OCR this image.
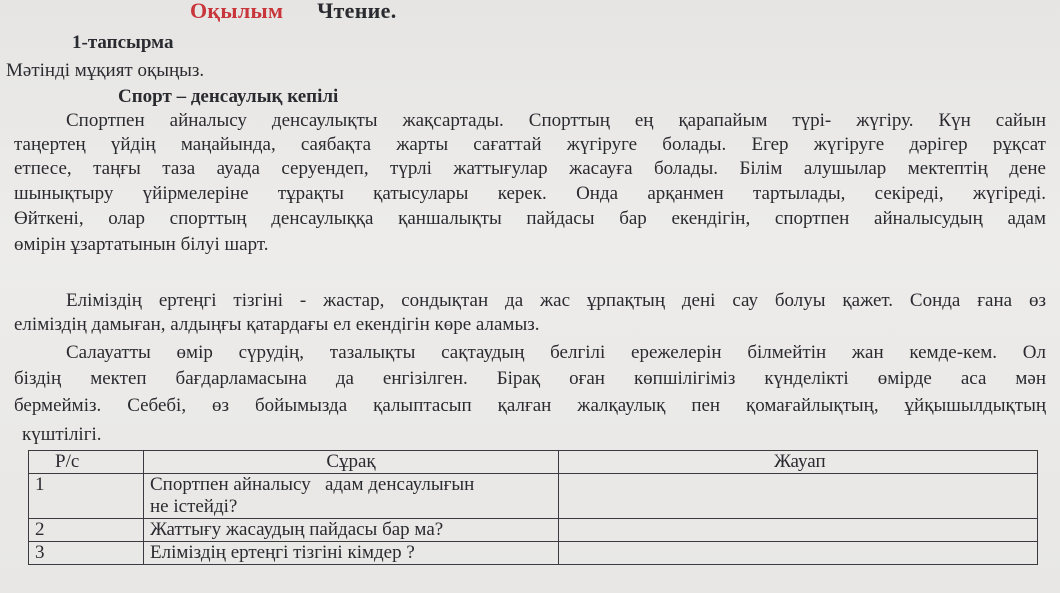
Оқылым Чтение.
1-тапсырма
Мәтінді мұқият оқыңыз.
Спорт – денсаулық кепілі
Спортпен айналысу денсаулықты жақсартады. Спорттың ең қарапайым түрі- жүгіру. Күн сайын
таңертең үйдің маңайында, саябақта жарты сағаттай жүгіруге болады. Егер жүгіруге дәрігер рұқсат
етпесе, таңғы таза ауада серуендеп, түрлі жаттығулар жасауға болады. Білім алушылар мектептің дене
шынықтыру үйірмелеріне тұрақты қатысулары керек. Онда арқанмен тартылады, секіреді, жүгіреді.
Өйткені, олар спорттың денсаулыққа қаншалықты пайдасы бар екендігін, спортпен айналысудың адам
өмірін ұзартатынын білуі шарт.
Еліміздің ертеңгі тізгіні - жастар, сондықтан да жас ұрпақтың дені сау болуы қажет. Сонда ғана өз
еліміздің дамыған, алдыңғы қатардағы ел екендігін көре аламыз.
Салауатты өмір сүрудің, тазалықты сақтаудың белгілі ережелерін білмейтін жан кемде-кем. Ол
біздің мектеп бағдарламасына да енгізілген. Бірақ оған көпшілігіміз күнделікті өмірде аса мән
бермейміз. Себебі, өз бойымызда қалыптасып қалған жалқаулық пен қомағайлықтың, ұйқышылдықтың
күштілігі.
Р/с	Сұрақ	Жауап
1	Спортпен айналысу   адам денсаулығын
не істейді?	

2	Жаттығу жасаудың пайдасы бар ма?	
3	Еліміздің ертеңгі тізгіні кімдер ?	
